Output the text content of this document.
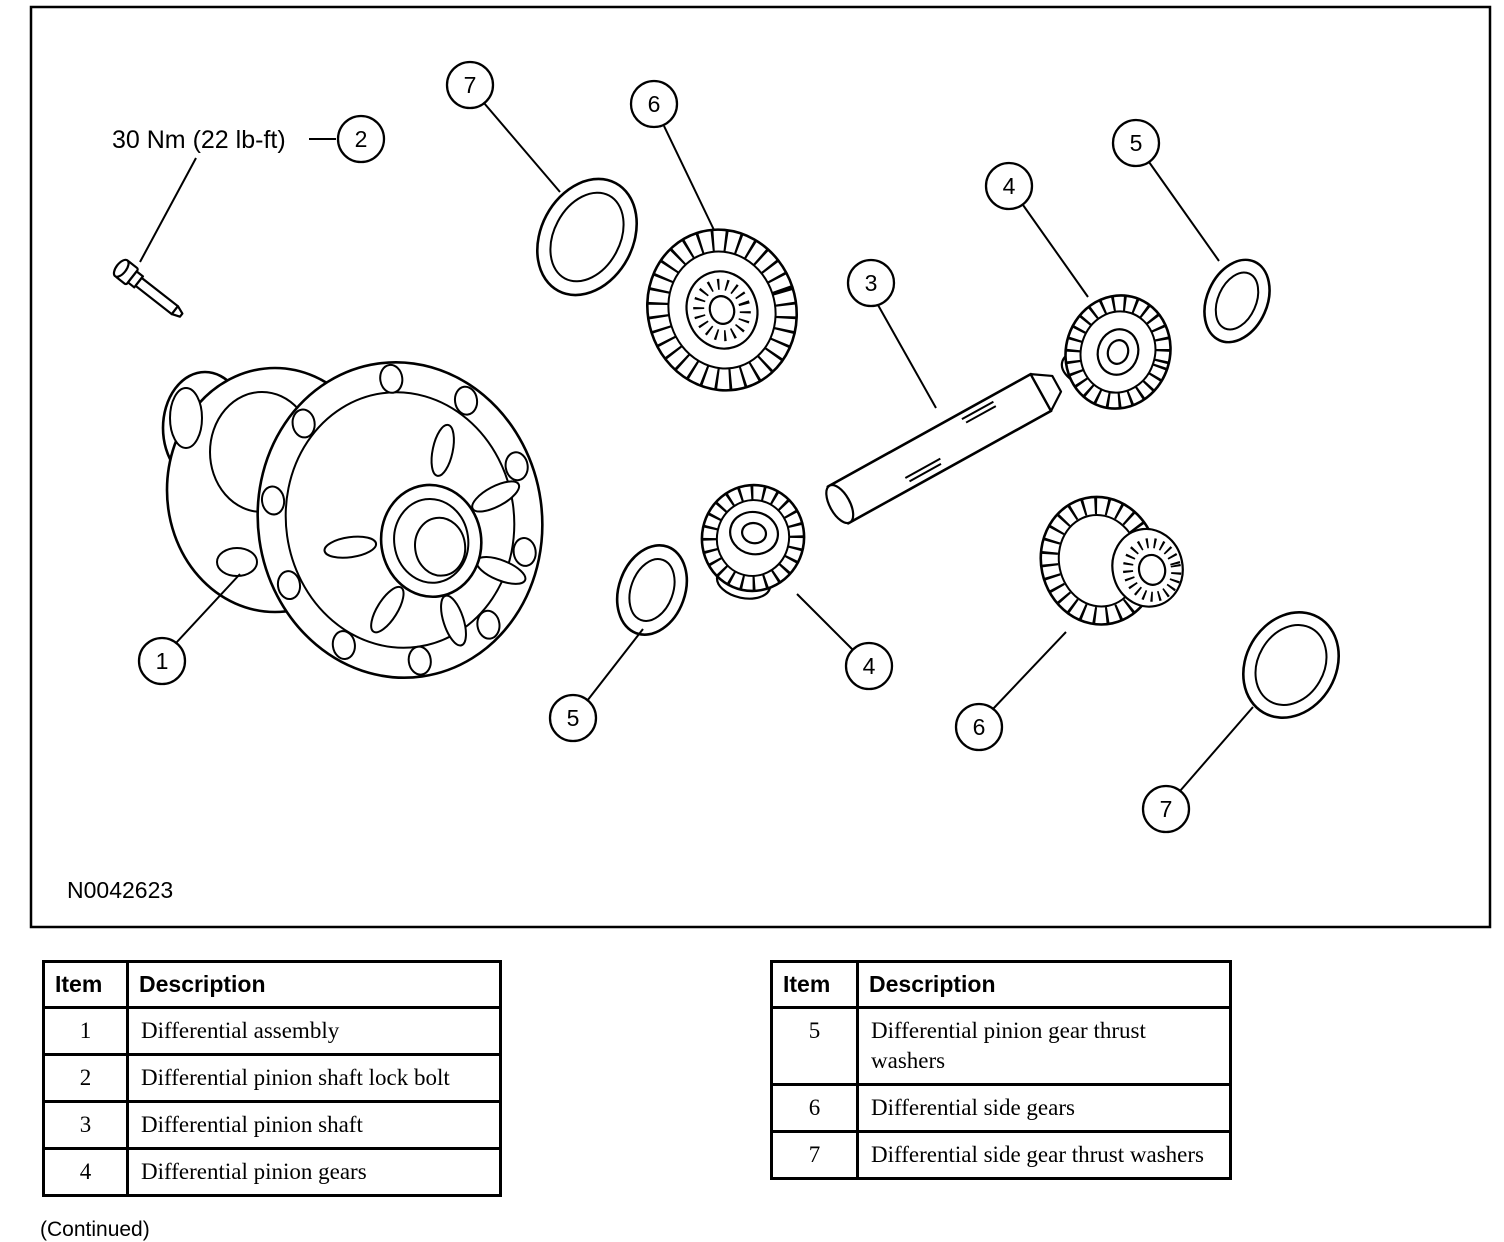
30 Nm (22 lb-ft)	2
7
6
4
5
3
1
5
4
6
7
N0042623
Item	Description
1	Differential assembly
2	Differential pinion shaft lock bolt
3	Differential pinion shaft
4	Differential pinion gears
Item	Description
5	Differential pinion gear thrust washers
6	Differential side gears
7	Differential side gear thrust washers
(Continued)
